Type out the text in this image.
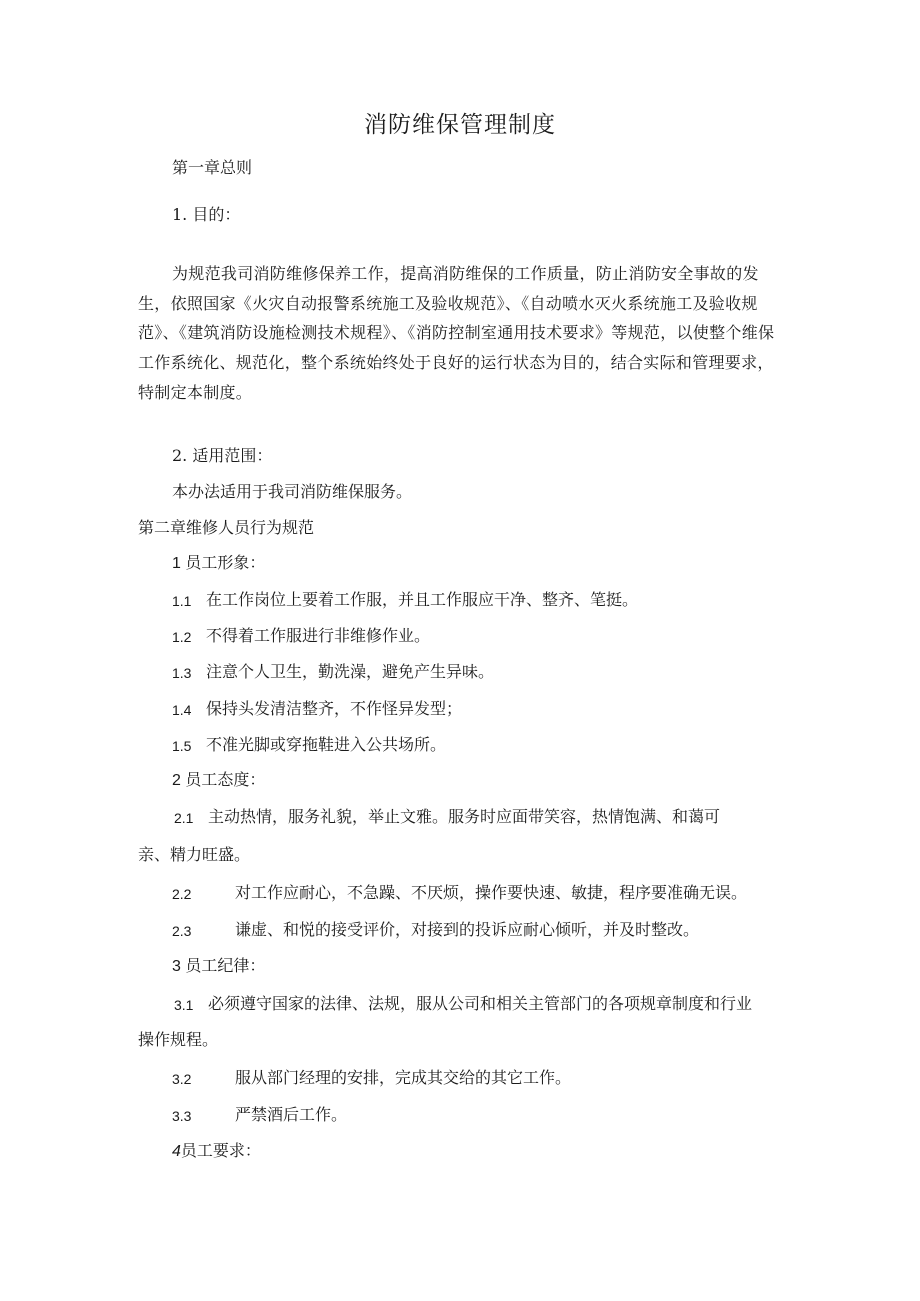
消防维保管理制度
第一章总则
1. 目的：
为规范我司消防维修保养工作，提高消防维保的工作质量，防止消防安全事故的发生，依照国家《火灾自动报警系统施工及验收规范》、《自动喷水灭火系统施工及验收规范》、《建筑消防设施检测技术规程》、《消防控制室通用技术要求》等规范，以使整个维保工作系统化、规范化，整个系统始终处于良好的运行状态为目的，结合实际和管理要求，特制定本制度。
2. 适用范围：
本办法适用于我司消防维保服务。
第二章维修人员行为规范
1 员工形象：
1.1 在工作岗位上要着工作服，并且工作服应干净、整齐、笔挺。
1.2 不得着工作服进行非维修作业。
1.3 注意个人卫生，勤洗澡，避免产生异味。
1.4 保持头发清洁整齐，不作怪异发型；
1.5 不准光脚或穿拖鞋进入公共场所。
2 员工态度：
2.1 主动热情，服务礼貌，举止文雅。服务时应面带笑容，热情饱满、和蔼可
亲、精力旺盛。
2.2	对工作应耐心，不急躁、不厌烦，操作要快速、敏捷，程序要准确无误。
2.3	谦虚、和悦的接受评价，对接到的投诉应耐心倾听，并及时整改。
3 员工纪律：
3.1 必须遵守国家的法律、法规，服从公司和相关主管部门的各项规章制度和行业
操作规程。
3.2	服从部门经理的安排，完成其交给的其它工作。
3.3	严禁酒后工作。
4员工要求：
